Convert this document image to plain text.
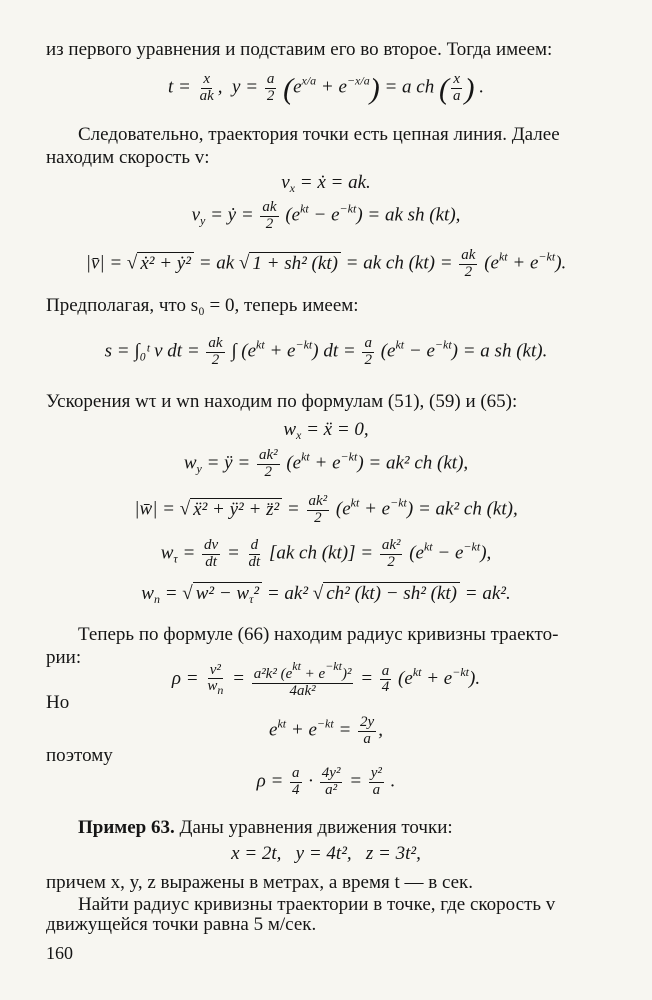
из первого уравнения и подставим его во второе. Тогда имеем:
$t = \frac{x}{ak}$ ,  $y = \frac{a}{2} (e^{x/a} + e^{-x/a}) = a$ ch ( $\frac{x}{a}$ ) .
Следовательно, траектория точки есть цепная линия. Далее
находим скорость v:
$v_x$ = ẋ = ak.
$v_y$ = ẏ = $\frac{ak}{2} (e^{kt} - e^{-kt})$ = ak sh (kt),
|v̄| = √ ẋ² + ẏ² = ak √ 1 + sh² (kt) = ak ch $(kt) = \frac{ak}{2} (e^{kt} + e^{-kt})$.
Предполагая, что s₀ = 0, теперь имеем:
s = ∫₀ᵗ v dt = $\frac{ak}{2}$ ∫ $(e^{kt} + e^{-kt})$ dt = $\frac{a}{2} (e^{kt} - e^{-kt}) = a$ sh (kt).
Ускорения wτ и wn находим по формулам (51), (59) и (65):
$w_x$ = ẍ = 0,
$w_y$ = ÿ = $\frac{\text{ak²}}{2} (e^{kt} + e^{-kt}) = ak^2$ ch (kt),
|w̄| = √ ẍ² + ÿ² + z̈² = $\frac{\text{ak²}}{2} (e^{kt} + e^{-kt}) = ak^2$ ch (kt),
$w_\tau = \frac{dv}{dt} = \frac{d}{dt} [ak$ ch $(kt)] = \frac{\text{ak²}}{2} (e^{kt} - e^{-kt})$,
$w_n$ = √ $w^2 - w_\tau^2 = ak^2$ √ ch² (kt) − sh² (kt) = ak².
Теперь по формуле (66) находим радиус кривизны траекто-
рии:
$\rho = \frac{\text{v²}}{w_n} = \frac{a^2k^2 (e^{kt} + e^{-kt})^2}{\text{4ak²}} = \frac{a}{4} (e^{kt} + e^{-kt})$.
Но
$e^{kt} + e^{-kt} = \frac{2y}{a}$ ,
поэтому
$\rho = \frac{a}{4} \cdot \frac{\text{4y²}}{\text{a²}} = \frac{\text{y²}}{a}$ .
Пример 63. Даны уравнения движения точки:
x = 2t,   y = 4t²,   z = 3t²,
причем x, y, z выражены в метрах, а время t — в сек.
Найти радиус кривизны траектории в точке, где скорость v
движущейся точки равна 5 м/сек.
160
